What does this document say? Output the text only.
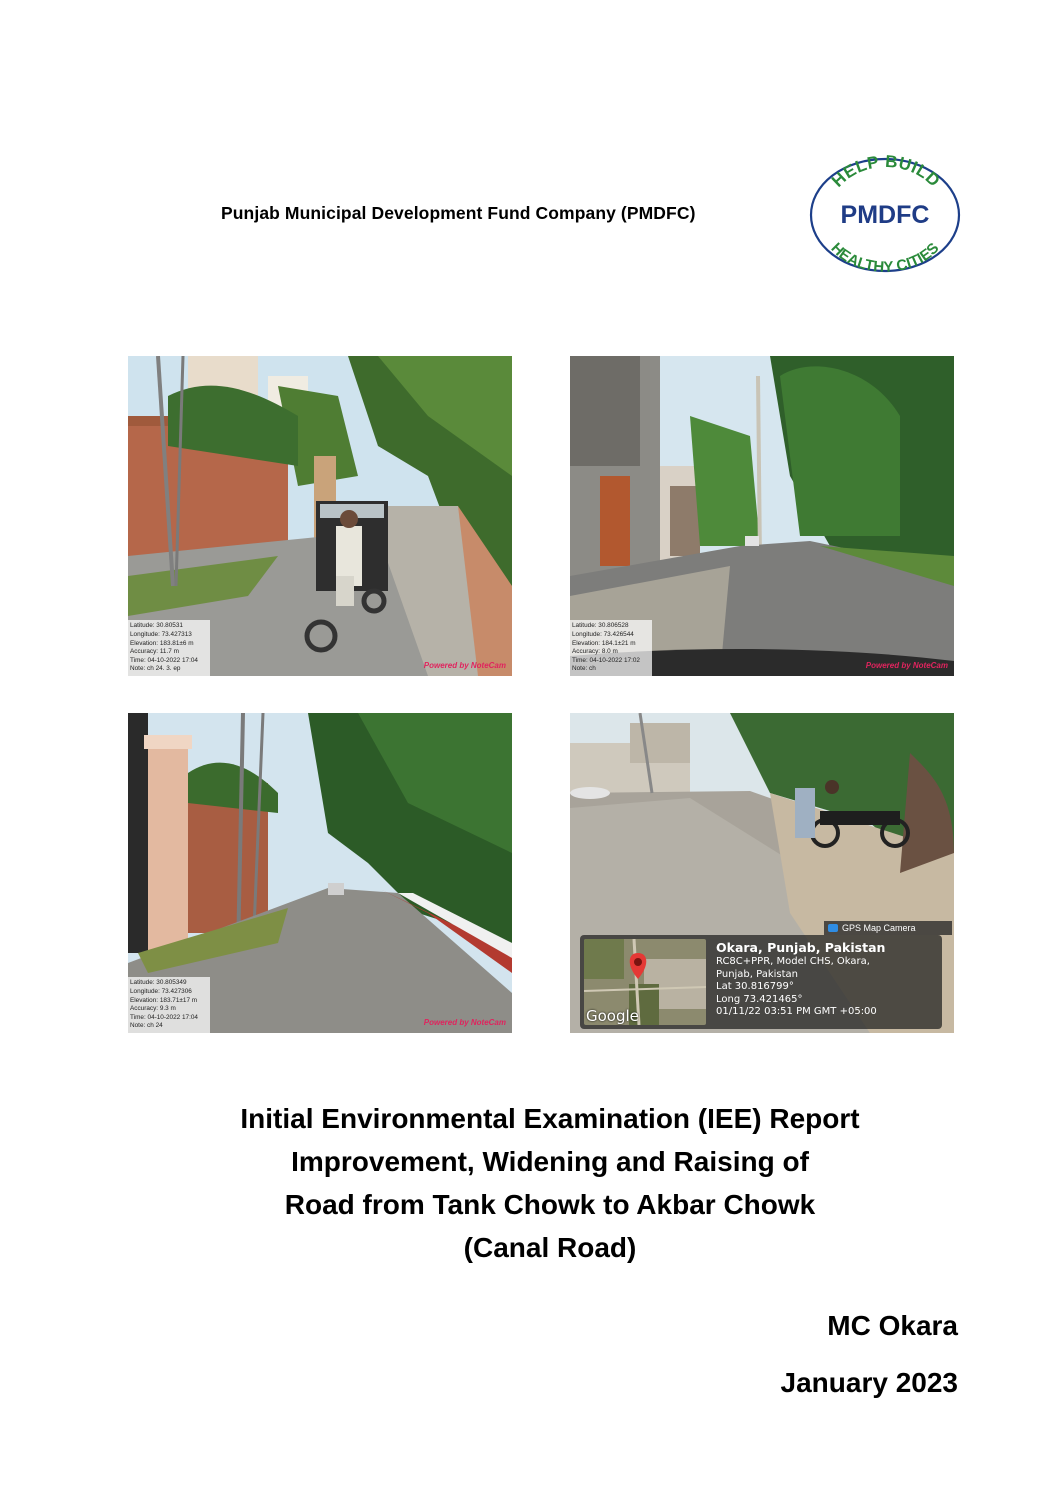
Punjab Municipal Development Fund Company (PMDFC)
HELP BUILD
PMDFC
HEALTHY CITIES
Latitude: 30.80531
Longitude: 73.427313
Elevation: 183.81±6 m
Accuracy: 11.7 m
Time: 04-10-2022 17:04
Note: ch 24. 3. ep	Powered by NoteCam
Latitude: 30.806528
Longitude: 73.426544
Elevation: 184.1±21 m
Accuracy: 8.0 m
Time: 04-10-2022 17:02
Note: ch	Powered by NoteCam
Latitude: 30.805349
Longitude: 73.427306
Elevation: 183.71±17 m
Accuracy: 9.3 m
Time: 04-10-2022 17:04
Note: ch 24	Powered by NoteCam
GPS Map Camera
Google
Okara, Punjab, Pakistan
RC8C+PPR, Model CHS, Okara,
Punjab, Pakistan
Lat 30.816799°
Long 73.421465°
01/11/22 03:51 PM GMT +05:00
Initial Environmental Examination (IEE) Report
Improvement, Widening and Raising of
Road from Tank Chowk to Akbar Chowk
(Canal Road)
MC Okara
January 2023
